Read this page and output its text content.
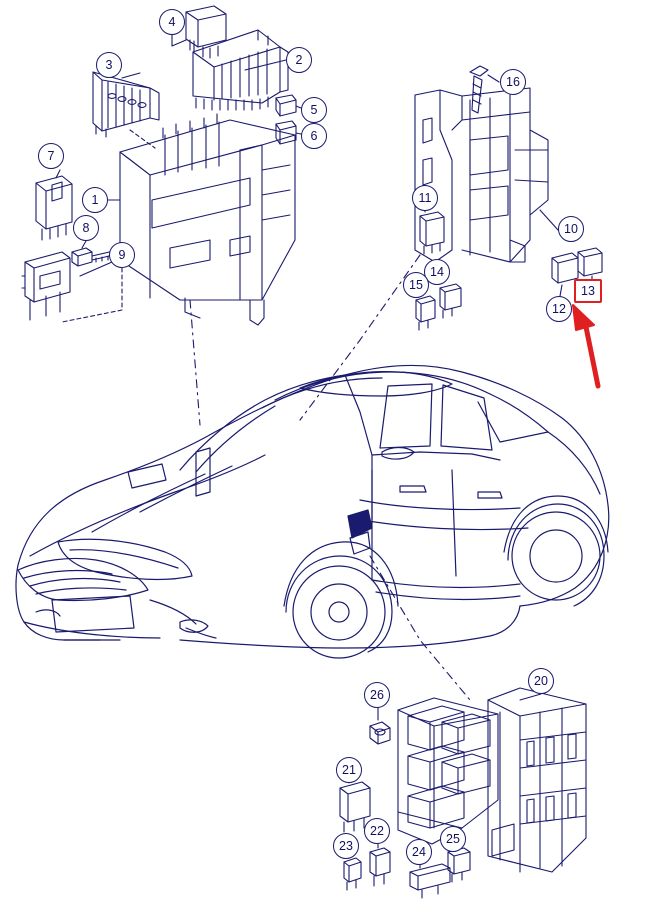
1
2
3
4
5
6
7
8
9
10
11
12
13
14
15
16
20
21
22
23	24
25
26
